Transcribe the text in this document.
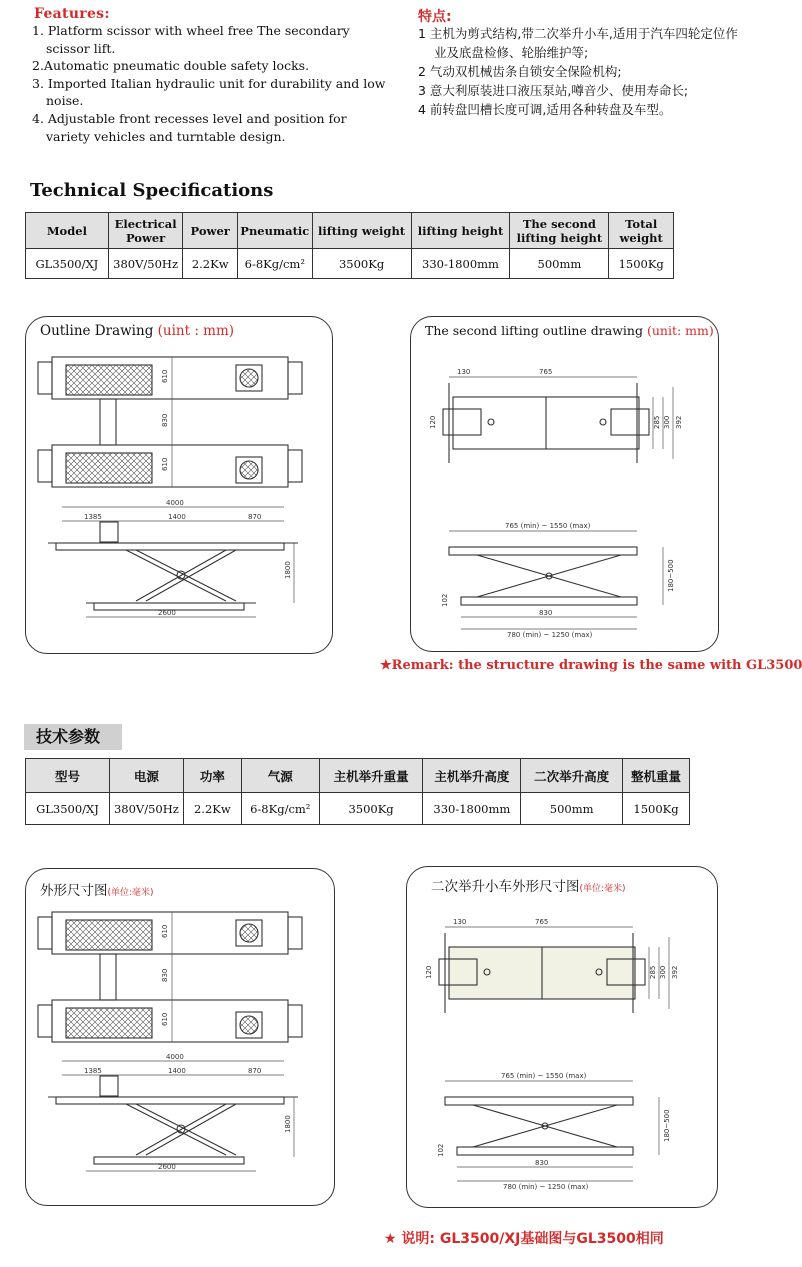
Features:
1. Platform scissor with wheel free The secondary scissor lift.
2.Automatic pneumatic double safety locks.
3. Imported Italian hydraulic unit for durability and low noise.
4. Adjustable front recesses level and position for variety vehicles and turntable design.
特点:
1 主机为剪式结构,带二次举升小车,适用于汽车四轮定位作业及底盘检修、轮胎维护等;
2 气动双机械齿条自锁安全保险机构;
3 意大利原装进口液压泵站,噂音少、使用寿命长;
4 前转盘凹槽长度可调,适用各种转盘及车型。
Technical Specifications
Model	Electrical Power	Power	Pneumatic	lifting weight	lifting height	The second lifting height	Total weight
GL3500/XJ	380V/50Hz	2.2Kw	6-8Kg/cm²	3500Kg	330-1800mm	500mm	1500Kg
Outline Drawing (uint : mm)
610
830
610
4000
1385	1400	870
1800
2600
The second lifting outline drawing (unit: mm)
130	765
120	285 300 392
765 (min) ~ 1550 (max)
180~500
102
830
780 (min) ~ 1250 (max)
★Remark: the structure drawing is the same with GL3500
技术参数
型号	电源	功率	气源	主机举升重量	主机举升高度	二次举升高度	整机重量
GL3500/XJ	380V/50Hz	2.2Kw	6-8Kg/cm²	3500Kg	330-1800mm	500mm	1500Kg
外形尺寸图(单位:毫米)
610
830
610
4000
1385	1400	870
1800
2600
二次举升小车外形尺寸图(单位:毫米)
130	765
120	285 300 392
765 (min) ~ 1550 (max)
180~500
102
830
780 (min) ~ 1250 (max)
★ 说明: GL3500/XJ基础图与GL3500相同
